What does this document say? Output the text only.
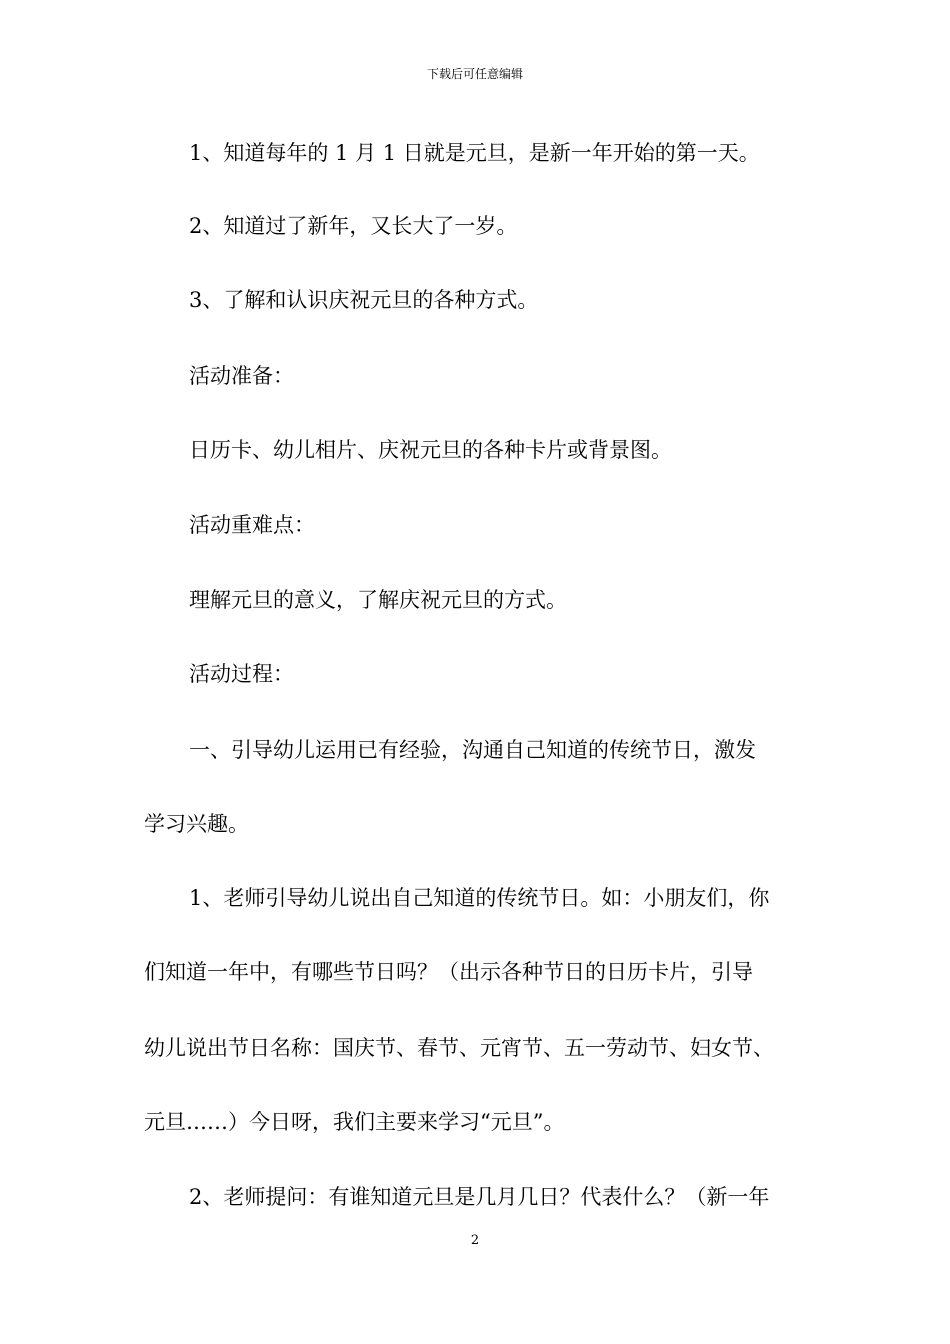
下载后可任意编辑
1、知道每年的 1 月 1 日就是元旦，是新一年开始的第一天。
2、知道过了新年，又长大了一岁。
3、了解和认识庆祝元旦的各种方式。
活动准备：
日历卡、幼儿相片、庆祝元旦的各种卡片或背景图。
活动重难点：
理解元旦的意义，了解庆祝元旦的方式。
活动过程：
一、引导幼儿运用已有经验，沟通自己知道的传统节日，激发
学习兴趣。
1、老师引导幼儿说出自己知道的传统节日。如：小朋友们，你
们知道一年中，有哪些节日吗？（出示各种节日的日历卡片，引导
幼儿说出节日名称：国庆节、春节、元宵节、五一劳动节、妇女节、
元旦……）今日呀，我们主要来学习“元旦”。
2、老师提问：有谁知道元旦是几月几日？代表什么？（新一年
2
